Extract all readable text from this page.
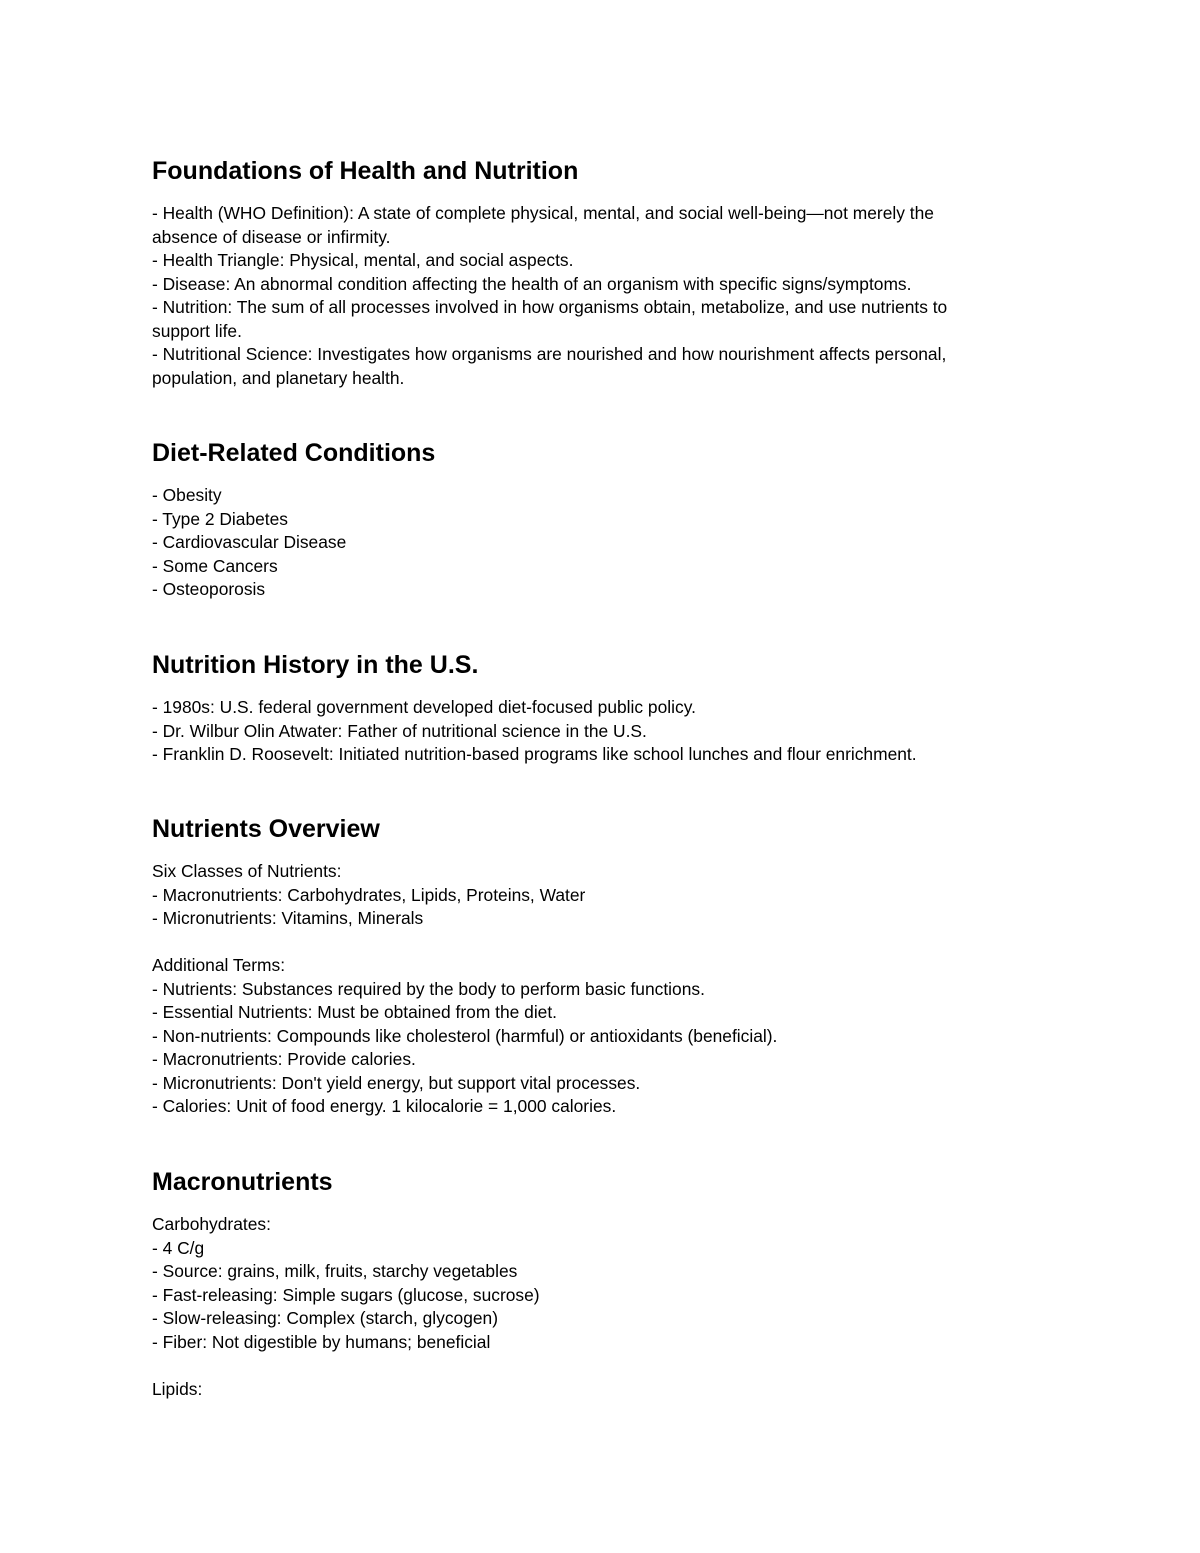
Foundations of Health and Nutrition
- Health (WHO Definition): A state of complete physical, mental, and social well-being—not merely the
absence of disease or infirmity.
- Health Triangle: Physical, mental, and social aspects.
- Disease: An abnormal condition affecting the health of an organism with specific signs/symptoms.
- Nutrition: The sum of all processes involved in how organisms obtain, metabolize, and use nutrients to
support life.
- Nutritional Science: Investigates how organisms are nourished and how nourishment affects personal,
population, and planetary health.
Diet-Related Conditions
- Obesity
- Type 2 Diabetes
- Cardiovascular Disease
- Some Cancers
- Osteoporosis
Nutrition History in the U.S.
- 1980s: U.S. federal government developed diet-focused public policy.
- Dr. Wilbur Olin Atwater: Father of nutritional science in the U.S.
- Franklin D. Roosevelt: Initiated nutrition-based programs like school lunches and flour enrichment.
Nutrients Overview
Six Classes of Nutrients:
- Macronutrients: Carbohydrates, Lipids, Proteins, Water
- Micronutrients: Vitamins, Minerals
Additional Terms:
- Nutrients: Substances required by the body to perform basic functions.
- Essential Nutrients: Must be obtained from the diet.
- Non-nutrients: Compounds like cholesterol (harmful) or antioxidants (beneficial).
- Macronutrients: Provide calories.
- Micronutrients: Don't yield energy, but support vital processes.
- Calories: Unit of food energy. 1 kilocalorie = 1,000 calories.
Macronutrients
Carbohydrates:
- 4 C/g
- Source: grains, milk, fruits, starchy vegetables
- Fast-releasing: Simple sugars (glucose, sucrose)
- Slow-releasing: Complex (starch, glycogen)
- Fiber: Not digestible by humans; beneficial
Lipids:
